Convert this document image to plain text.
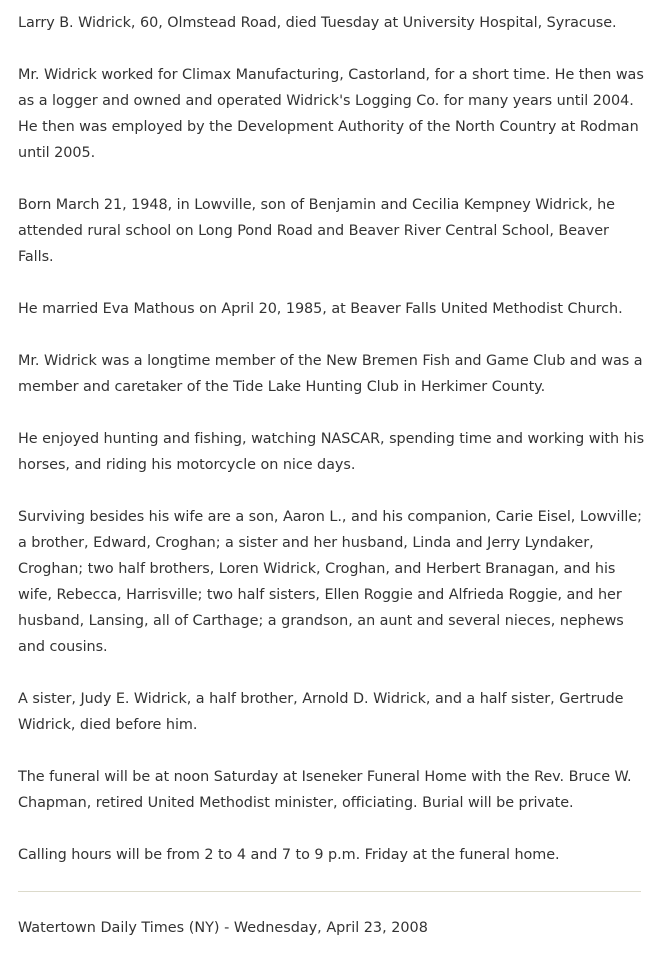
Larry B. Widrick, 60, Olmstead Road, died Tuesday at University Hospital, Syracuse.

Mr. Widrick worked for Climax Manufacturing, Castorland, for a short time. He then was as a logger and owned and operated Widrick's Logging Co. for many years until 2004. He then was employed by the Development Authority of the North Country at Rodman until 2005.

Born March 21, 1948, in Lowville, son of Benjamin and Cecilia Kempney Widrick, he attended rural school on Long Pond Road and Beaver River Central School, Beaver Falls.

He married Eva Mathous on April 20, 1985, at Beaver Falls United Methodist Church.

Mr. Widrick was a longtime member of the New Bremen Fish and Game Club and was a member and caretaker of the Tide Lake Hunting Club in Herkimer County.

He enjoyed hunting and fishing, watching NASCAR, spending time and working with his horses, and riding his motorcycle on nice days.

Surviving besides his wife are a son, Aaron L., and his companion, Carie Eisel, Lowville; a brother, Edward, Croghan; a sister and her husband, Linda and Jerry Lyndaker, Croghan; two half brothers, Loren Widrick, Croghan, and Herbert Branagan, and his wife, Rebecca, Harrisville; two half sisters, Ellen Roggie and Alfrieda Roggie, and her husband, Lansing, all of Carthage; a grandson, an aunt and several nieces, nephews and cousins.

A sister, Judy E. Widrick, a half brother, Arnold D. Widrick, and a half sister, Gertrude Widrick, died before him.

The funeral will be at noon Saturday at Iseneker Funeral Home with the Rev. Bruce W. Chapman, retired United Methodist minister, officiating. Burial will be private.

Calling hours will be from 2 to 4 and 7 to 9 p.m. Friday at the funeral home.

Watertown Daily Times (NY) - Wednesday, April 23, 2008
